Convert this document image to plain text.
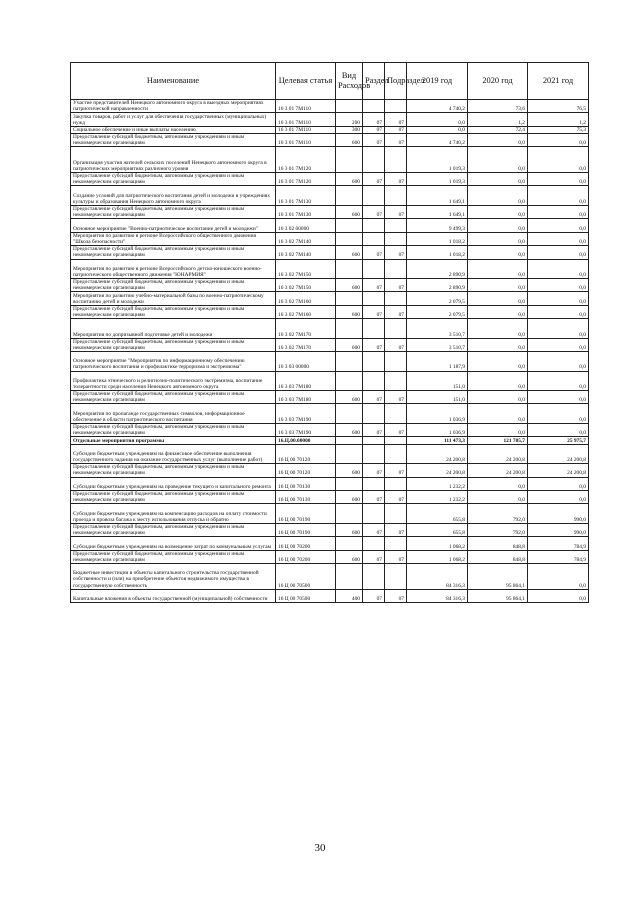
Наименование	Целевая статья	Вид Расходов	Раздел	Подраздел	2019 год	2020 год	2021 год
Участие представителей Ненецкого автономного округа в выездных мероприятиях патриотической направленности	16 3 01 7М110				4 740,2	73,6	76,5
Закупка товаров, работ и услуг для обеспечения государственных (муниципальных) нужд	16 3 01 7М110	200	07	07	0,0	1,2	1,2
Социальное обеспечение и иные выплаты населению	16 3 01 7М110	300	07	07	0,0	72,4	75,3
Предоставление субсидий бюджетным, автономным учреждениям и иным некоммерческим организациям	16 3 01 7М110	600	07	07	4 740,2	0,0	0,0
Организация участия жителей сельских поселений Ненецкого автономного округа в патриотических мероприятиях различного уровня	16 3 01 7М120				1 019,3	0,0	0,0
Предоставление субсидий бюджетным, автономным учреждениям и иным некоммерческим организациям	16 3 01 7М120	600	07	07	1 019,3	0,0	0,0
Создание условий для патриотического воспитания детей и молодежи в учреждениях культуры и образования Ненецкого автономного округа	16 3 01 7М130				1 649,1	0,0	0,0
Предоставление субсидий бюджетным, автономным учреждениям и иным некоммерческим организациям	16 3 01 7М130	600	07	07	1 649,1	0,0	0,0
Основное мероприятие "Военно-патриотическое воспитание детей и молодежи"	16 3 02 00000				9 499,3	0,0	0,0
Мероприятия по развитию в регионе Всероссийского общественного движения "Школа безопасности"	16 3 02 7М140				1 018,2	0,0	0,0
Предоставление субсидий бюджетным, автономным учреждениям и иным некоммерческим организациям	16 3 02 7М140	600	07	07	1 018,2	0,0	0,0
Мероприятия по развитию в регионе Всероссийского детско-юношеского военно-патриотического общественного движения "ЮНАРМИЯ"	16 3 02 7М150				2 890,9	0,0	0,0
Предоставление субсидий бюджетным, автономным учреждениям и иным некоммерческим организациям	16 3 02 7М150	600	07	07	2 890,9	0,0	0,0
Мероприятия по развитию учебно-материальной базы по военно-патриотическому воспитанию детей и молодежи	16 3 02 7М160				2 079,5	0,0	0,0
Предоставление субсидий бюджетным, автономным учреждениям и иным некоммерческим организациям	16 3 02 7М160	600	07	07	2 079,5	0,0	0,0
Мероприятия по допризывной подготовке детей и молодежи	16 3 02 7М170				3 510,7	0,0	0,0
Предоставление субсидий бюджетным, автономным учреждениям и иным некоммерческим организациям	16 3 02 7М170	600	07	07	3 510,7	0,0	0,0
Основное мероприятие "Мероприятия по информационному обеспечению патриотического воспитания и профилактике терроризма и экстремизма"	16 3 03 00000				1 187,9	0,0	0,0
Профилактика этнического и религиозно-политического экстремизма, воспитание толерантности среди населения Ненецкого автономного округа	16 3 03 7М180				151,0	0,0	0,0
Предоставление субсидий бюджетным, автономным учреждениям и иным некоммерческим организациям	16 3 03 7М180	600	07	07	151,0	0,0	0,0
Мероприятия по пропаганде государственных символов, информационное обеспечение в области патриотического воспитания	16 3 03 7М190				1 036,9	0,0	0,0
Предоставление субсидий бюджетным, автономным учреждениям и иным некоммерческим организациям	16 3 03 7М190	600	07	07	1 036,9	0,0	0,0
Отдельные мероприятия программы	16.Ц.00.00000				111 473,3	121 705,7	25 975,7
Субсидии бюджетным учреждениям на финансовое обеспечение выполнения государственного задания на оказание государственных услуг (выполнение работ)	16 Ц 00 70120				24 200,8	24 200,8	24 200,8
Предоставление субсидий бюджетным, автономным учреждениям и иным некоммерческим организациям	16 Ц 00 70120	600	07	07	24 200,8	24 200,8	24 200,8
Субсидии бюджетным учреждениям на проведение текущего и капитального ремонта	16 Ц 00 70130				1 232,2	0,0	0,0
Предоставление субсидий бюджетным, автономным учреждениям и иным некоммерческим организациям	16 Ц 00 70130	600	07	07	1 232,2	0,0	0,0
Субсидии бюджетным учреждениям на компенсацию расходов на оплату стоимости проезда и провоза багажа к месту использования отпуска и обратно	16 Ц 00 70190				655,8	792,0	990,0
Предоставление субсидий бюджетным, автономным учреждениям и иным некоммерческим организациям	16 Ц 00 70190	600	07	07	655,8	792,0	990,0
Субсидии бюджетным учреждениям на возмещение затрат по коммунальным услугам	16 Ц 00 70200				1 068,2	848,8	784,9
Предоставление субсидий бюджетным, автономным учреждениям и иным некоммерческим организациям	16 Ц 00 70200	600	07	07	1 068,2	848,8	784,9
Бюджетные инвестиции в объекты капитального строительства государственной собственности и (или) на приобретение объектов недвижимого имущества в государственную собственность	16 Ц 00 70500				84 316,3	95 864,1	0,0
Капитальные вложения в объекты государственной (муниципальной) собственности	16 Ц 00 70500	400	07	07	84 316,3	95 864,1	0,0
30
